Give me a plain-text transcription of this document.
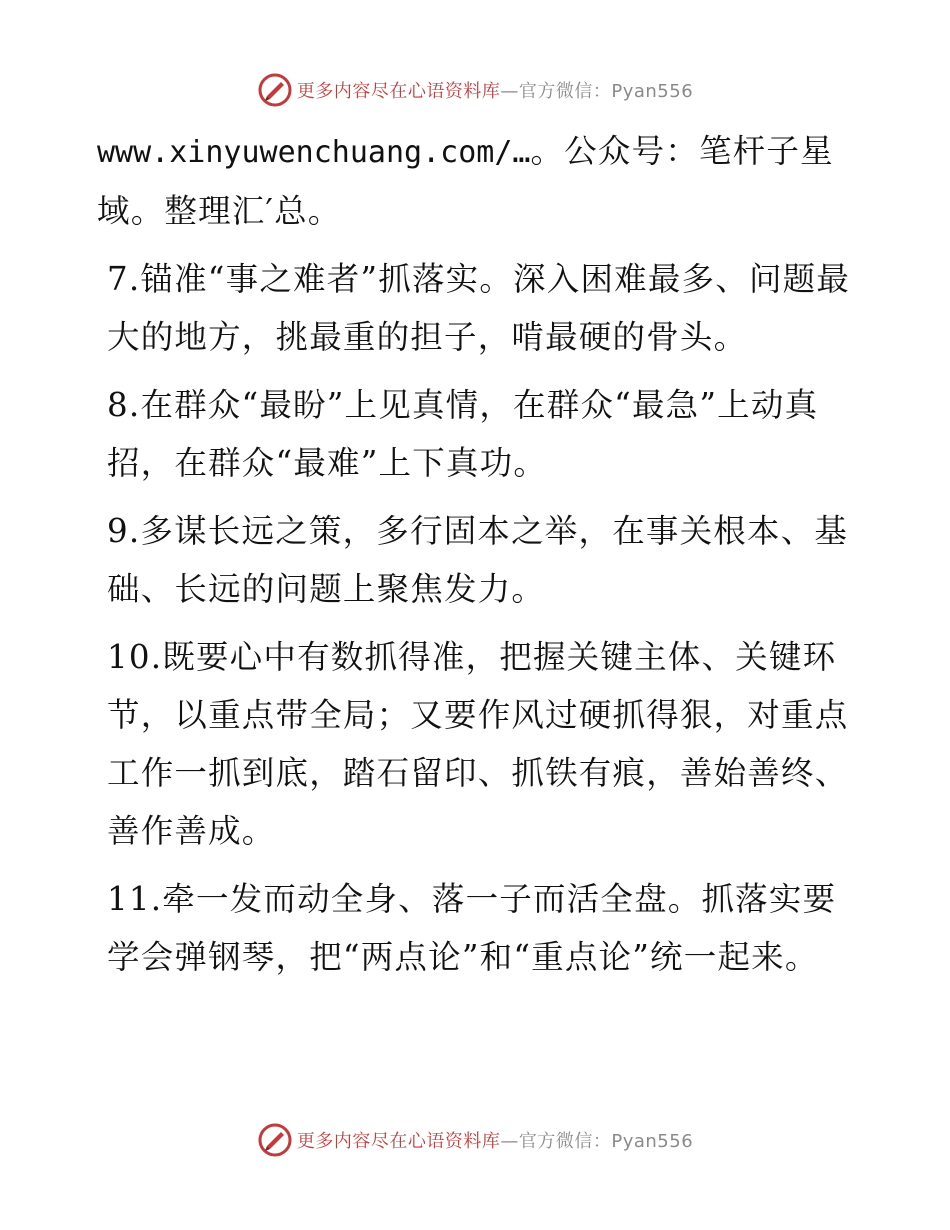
更多内容尽在心语资料库—官方微信：Pyan556

www.xinyuwenchuang.com/…。公众号：笔杆子星域。整理汇′总。

7.锚准“事之难者”抓落实。深入困难最多、问题最大的地方，挑最重的担子，啃最硬的骨头。

8.在群众“最盼”上见真情，在群众“最急”上动真招，在群众“最难”上下真功。

9.多谋长远之策，多行固本之举，在事关根本、基础、长远的问题上聚焦发力。

10.既要心中有数抓得准，把握关键主体、关键环节，以重点带全局；又要作风过硬抓得狠，对重点工作一抓到底，踏石留印、抓铁有痕，善始善终、善作善成。

11.牵一发而动全身、落一子而活全盘。抓落实要学会弹钢琴，把“两点论”和“重点论”统一起来。

更多内容尽在心语资料库—官方微信：Pyan556
